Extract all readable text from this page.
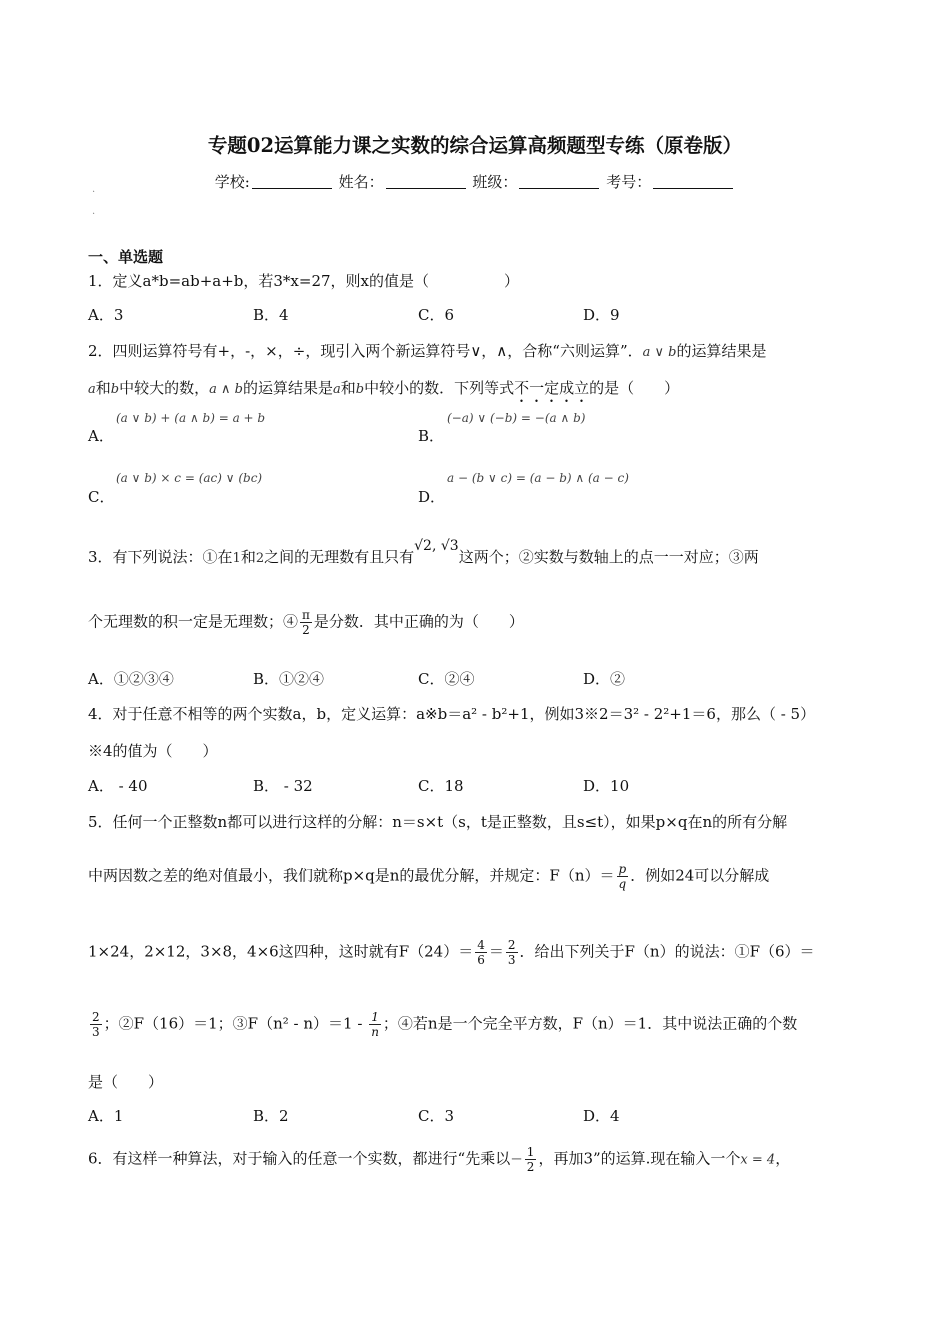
专题02运算能力课之实数的综合运算高频题型专练（原卷版）
学校:	姓名：	班级：	考号：
.
.
一、单选题
1．定义a*b=ab+a+b，若3*x=27，则x的值是（　　　　　）
A．3	B．4	C．6	D．9
2．四则运算符号有+，-，×，÷，现引入两个新运算符号∨，∧，合称“六则运算”．a ∨ b的运算结果是
a和b中较大的数，a ∧ b的运算结果是a和b中较小的数．下列等式不一定成立的是（　　）
A．
(a ∨ b) + (a ∧ b) = a + b
B．
(−a) ∨ (−b) = −(a ∧ b)
C．
(a ∨ b) × c = (ac) ∨ (bc)
D．
a − (b ∨ c) = (a − b) ∧ (a − c)
3．有下列说法：①在1和2之间的无理数有且只有√2, √3这两个；②实数与数轴上的点一一对应；③两
个无理数的积一定是无理数；④ $\frac{\pi}{2}$ 是分数．其中正确的为（　　）
A．①②③④	B．①②④	C．②④	D．②
4．对于任意不相等的两个实数a，b，定义运算：a※b＝a² - b²+1，例如3※2＝3² - 2²+1＝6，那么（ - 5）
※4的值为（　　）
A． - 40	B． - 32	C．18	D．10
5．任何一个正整数n都可以进行这样的分解：n＝s×t（s，t是正整数，且s≤t），如果p×q在n的所有分解
中两因数之差的绝对值最小，我们就称p×q是n的最优分解，并规定：$F(n)= \frac{p}{q}$ ．例如24可以分解成
1×24，2×12，3×8，4×6这四种，这时就有$F(24)= \frac{4}{6} = \frac{2}{3}$ ．给出下列关于F（n）的说法：①F（6）＝
$\frac{2}{3}$ ；②F（16）＝1；③F（n² - $n)=1 - \frac{1}{n}$ ；④若n是一个完全平方数，F（n）＝1．其中说法正确的个数
是（　　）
A．1	B．2	C．3	D．4
6．有这样一种算法，对于输入的任意一个实数，都进行“先乘以− $\frac{1}{2}$ ，再加3”的运算.现在输入一个x = 4，
